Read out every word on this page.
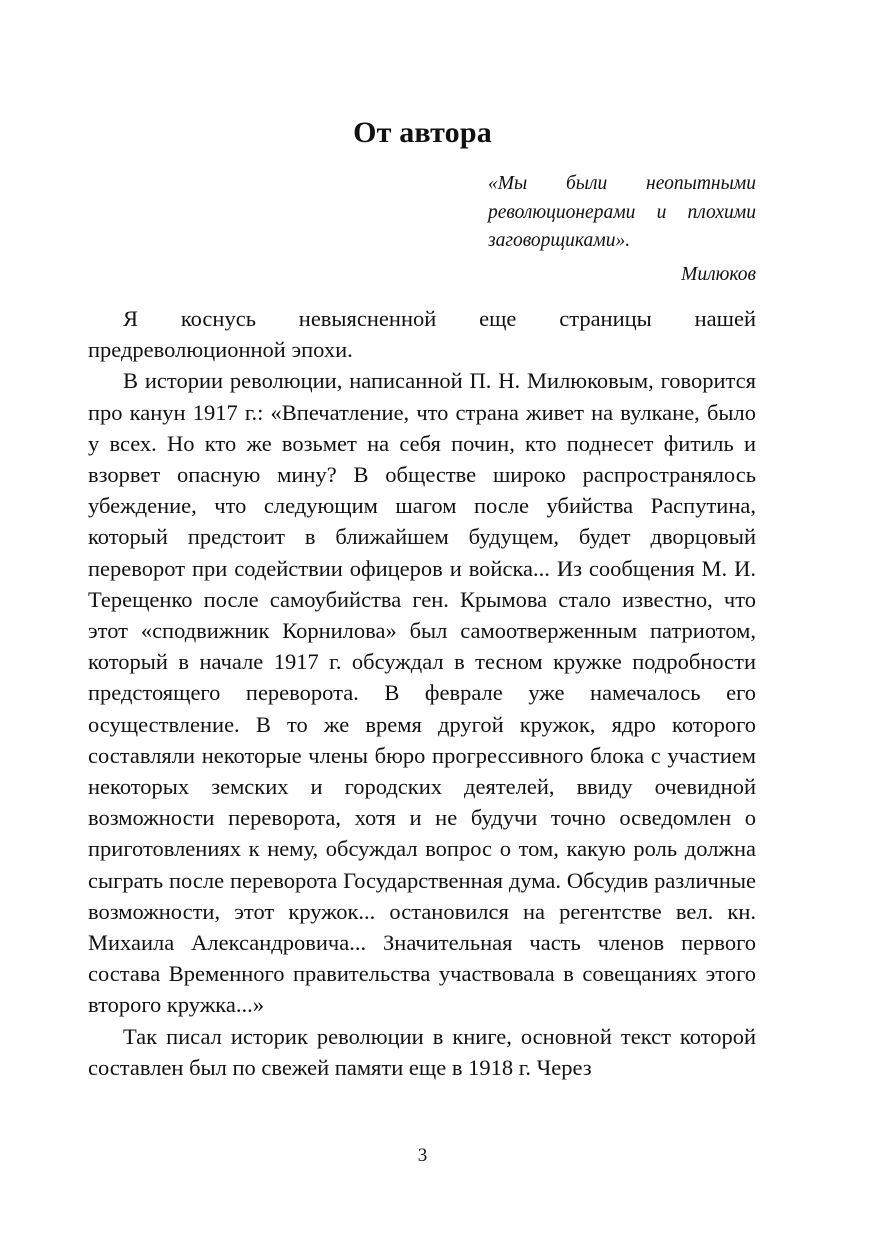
От автора
«Мы были неопытными революционерами и плохими заговорщиками».
Милюков

Я коснусь невыясненной еще страницы нашей предреволюционной эпохи.

В истории революции, написанной П. Н. Милюковым, говорится про канун 1917 г.: «Впечатление, что страна живет на вулкане, было у всех. Но кто же возьмет на себя почин, кто поднесет фитиль и взорвет опасную мину? В обществе широко распространялось убеждение, что следующим шагом после убийства Распутина, который предстоит в ближайшем будущем, будет дворцовый переворот при содействии офицеров и войска... Из сообщения М. И. Терещенко после самоубийства ген. Крымова стало известно, что этот «сподвижник Корнилова» был самоотверженным патриотом, который в начале 1917 г. обсуждал в тесном кружке подробности предстоящего переворота. В феврале уже намечалось его осуществление. В то же время другой кружок, ядро которого составляли некоторые члены бюро прогрессивного блока с участием некоторых земских и городских деятелей, ввиду очевидной возможности переворота, хотя и не будучи точно осведомлен о приготовлениях к нему, обсуждал вопрос о том, какую роль должна сыграть после переворота Государственная дума. Обсудив различные возможности, этот кружок... остановился на регентстве вел. кн. Михаила Александровича... Значительная часть членов первого состава Временного правительства участвовала в совещаниях этого второго кружка...»

Так писал историк революции в книге, основной текст которой составлен был по свежей памяти еще в 1918 г. Через

3
